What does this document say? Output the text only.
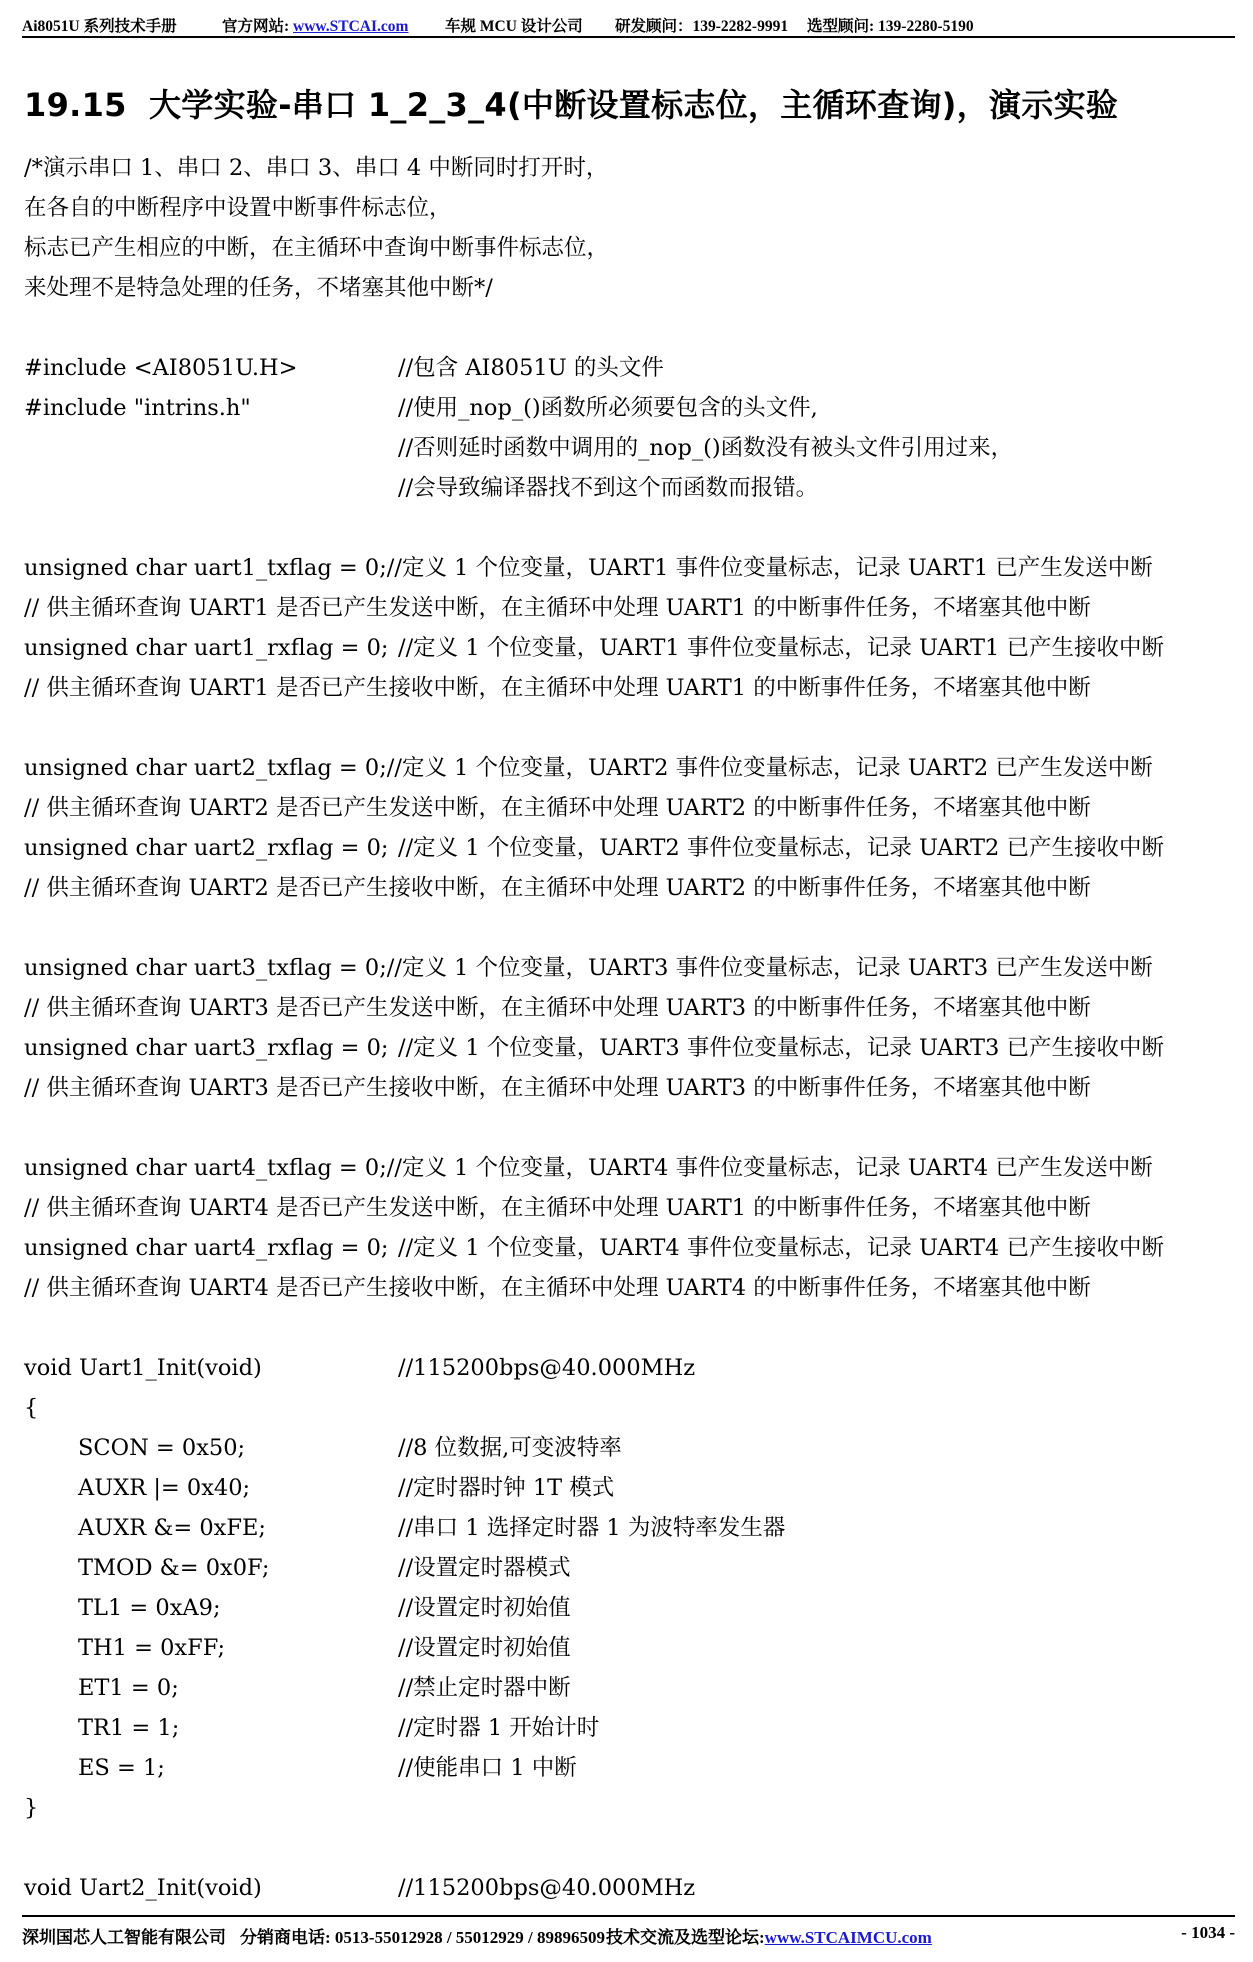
Ai8051U 系列技术手册	官方网站: www.STCAI.com 车规 MCU 设计公司 研发顾问：139-2282-9991 选型顾问: 139-2280-5190
19.15 大学实验-串口 1_2_3_4(中断设置标志位，主循环查询)，演示实验
/*演示串口 1、串口 2、串口 3、串口 4 中断同时打开时，
在各自的中断程序中设置中断事件标志位，
标志已产生相应的中断，在主循环中查询中断事件标志位，
来处理不是特急处理的任务，不堵塞其他中断*/
#include <AI8051U.H>	//包含 AI8051U 的头文件
#include "intrins.h"	//使用_nop_()函数所必须要包含的头文件,
//否则延时函数中调用的_nop_()函数没有被头文件引用过来，
//会导致编译器找不到这个而函数而报错。
unsigned char uart1_txflag = 0;//定义 1 个位变量，UART1 事件位变量标志，记录 UART1 已产生发送中断
// 供主循环查询 UART1 是否已产生发送中断，在主循环中处理 UART1 的中断事件任务，不堵塞其他中断
unsigned char uart1_rxflag = 0; //定义 1 个位变量，UART1 事件位变量标志，记录 UART1 已产生接收中断
// 供主循环查询 UART1 是否已产生接收中断，在主循环中处理 UART1 的中断事件任务，不堵塞其他中断
unsigned char uart2_txflag = 0;//定义 1 个位变量，UART2 事件位变量标志，记录 UART2 已产生发送中断
// 供主循环查询 UART2 是否已产生发送中断，在主循环中处理 UART2 的中断事件任务，不堵塞其他中断
unsigned char uart2_rxflag = 0; //定义 1 个位变量，UART2 事件位变量标志，记录 UART2 已产生接收中断
// 供主循环查询 UART2 是否已产生接收中断，在主循环中处理 UART2 的中断事件任务，不堵塞其他中断
unsigned char uart3_txflag = 0;//定义 1 个位变量，UART3 事件位变量标志，记录 UART3 已产生发送中断
// 供主循环查询 UART3 是否已产生发送中断，在主循环中处理 UART3 的中断事件任务，不堵塞其他中断
unsigned char uart3_rxflag = 0; //定义 1 个位变量，UART3 事件位变量标志，记录 UART3 已产生接收中断
// 供主循环查询 UART3 是否已产生接收中断，在主循环中处理 UART3 的中断事件任务，不堵塞其他中断
unsigned char uart4_txflag = 0;//定义 1 个位变量，UART4 事件位变量标志，记录 UART4 已产生发送中断
// 供主循环查询 UART4 是否已产生发送中断，在主循环中处理 UART1 的中断事件任务，不堵塞其他中断
unsigned char uart4_rxflag = 0; //定义 1 个位变量，UART4 事件位变量标志，记录 UART4 已产生接收中断
// 供主循环查询 UART4 是否已产生接收中断，在主循环中处理 UART4 的中断事件任务，不堵塞其他中断
void Uart1_Init(void)	//115200bps@40.000MHz
{
SCON = 0x50;	//8 位数据,可变波特率
AUXR |= 0x40;	//定时器时钟 1T 模式
AUXR &= 0xFE;	//串口 1 选择定时器 1 为波特率发生器
TMOD &= 0x0F;	//设置定时器模式
TL1 = 0xA9;	//设置定时初始值
TH1 = 0xFF;	//设置定时初始值
ET1 = 0;	//禁止定时器中断
TR1 = 1;	//定时器 1 开始计时
ES = 1;	//使能串口 1 中断
}
void Uart2_Init(void)	//115200bps@40.000MHz
深圳国芯人工智能有限公司 分销商电话: 0513-55012928 / 55012929 / 89896509 技术交流及选型论坛:www.STCAIMCU.com	- 1034 -
